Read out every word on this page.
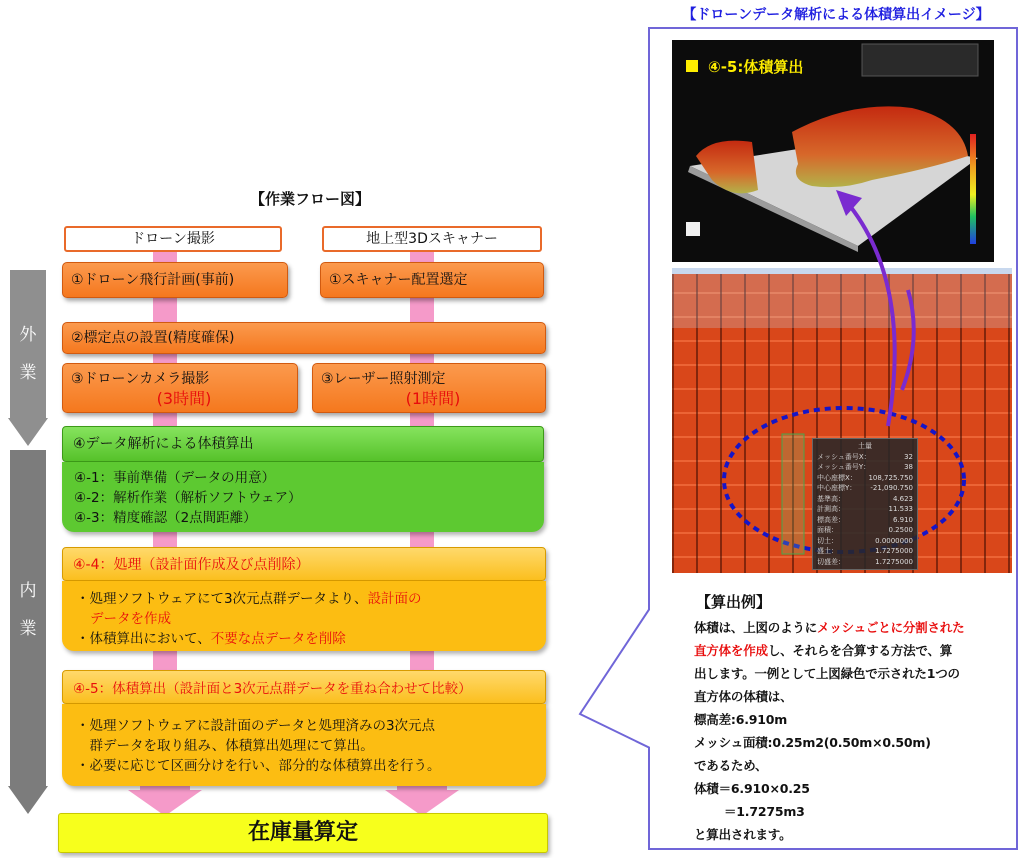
【作業フロー図】
ドローン撮影	地上型3Dスキャナー
外
業
内
業
①ドローン飛行計画(事前)	①スキャナー配置選定
②標定点の設置(精度確保)
③ドローンカメラ撮影
(3時間)
③レーザー照射測定
(1時間)
④データ解析による体積算出
④-1：事前準備（データの用意）
④-2：解析作業（解析ソフトウェア）
④-3：精度確認（2点間距離）
④-4：処理（設計面作成及び点削除）
・処理ソフトウェアにて3次元点群データより、設計面の
データを作成
・体積算出において、不要な点データを削除
④-5：体積算出（設計面と3次元点群データを重ね合わせて比較）
・処理ソフトウェアに設計面のデータと処理済みの3次元点
　群データを取り組み、体積算出処理にて算出。
・必要に応じて区画分けを行い、部分的な体積算出を行う。
在庫量算定
【ドローンデータ解析による体積算出イメージ】
④-5:体積算出
土量
メッシュ番号X：	32
メッシュ番号Y：	38
中心座標X： 108,725.750
中心座標Y： -21,090.750
基準高：	4.623
計測高：	11.533
標高差：	6.910
面積：	0.2500
切土：	0.0000000
盛土：	1.7275000
切盛差：	1.7275000
【算出例】
体積は、上図のようにメッシュごとに分割された
直方体を作成し、それらを合算する方法で、算
出します。一例として上図緑色で示された1つの
直方体の体積は、
標高差:6.910m
メッシュ面積:0.25m2(0.50m×0.50m)
であるため、
体積＝6.910×0.25
＝1.7275m3
と算出されます。
